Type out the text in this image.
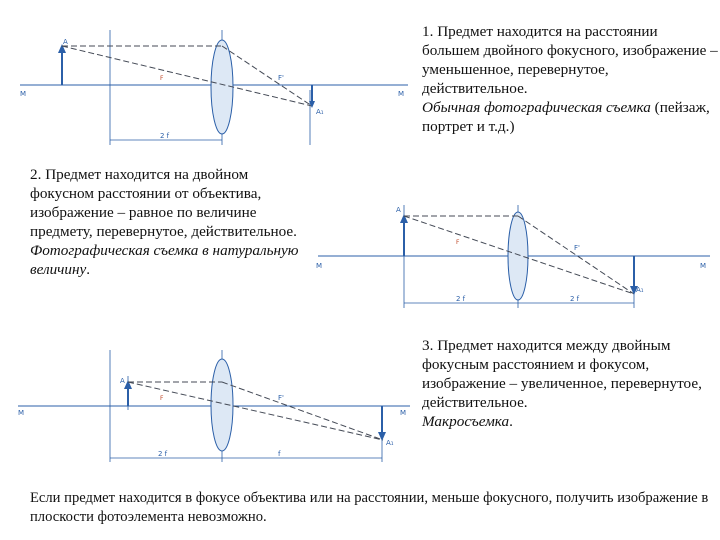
1. Предмет находится на расстоянии большем двойного фокусного, изображение – уменьшенное, перевернутое, действительное.
Обычная фотографическая съемка (пейзаж, портрет и т.д.)

2. Предмет находится на двойном фокусном расстоянии от объектива, изображение – равное по величине предмету, перевернутое, действительное.
Фотографическая съемка в натуральную величину.

3. Предмет находится между двойным фокусным расстоянием и фокусом, изображение – увеличенное, перевернутое, действительное.
Макросъемка.

Если предмет находится в фокусе объектива или на расстоянии, меньше фокусного, получить изображение в плоскости фотоэлемента невозможно.

A
M	M
F	F'
A₁
2 f
A
M	M
F
F'
A₁
2 f	2 f
A
M	M
F	F'
A₁
2 f	f
